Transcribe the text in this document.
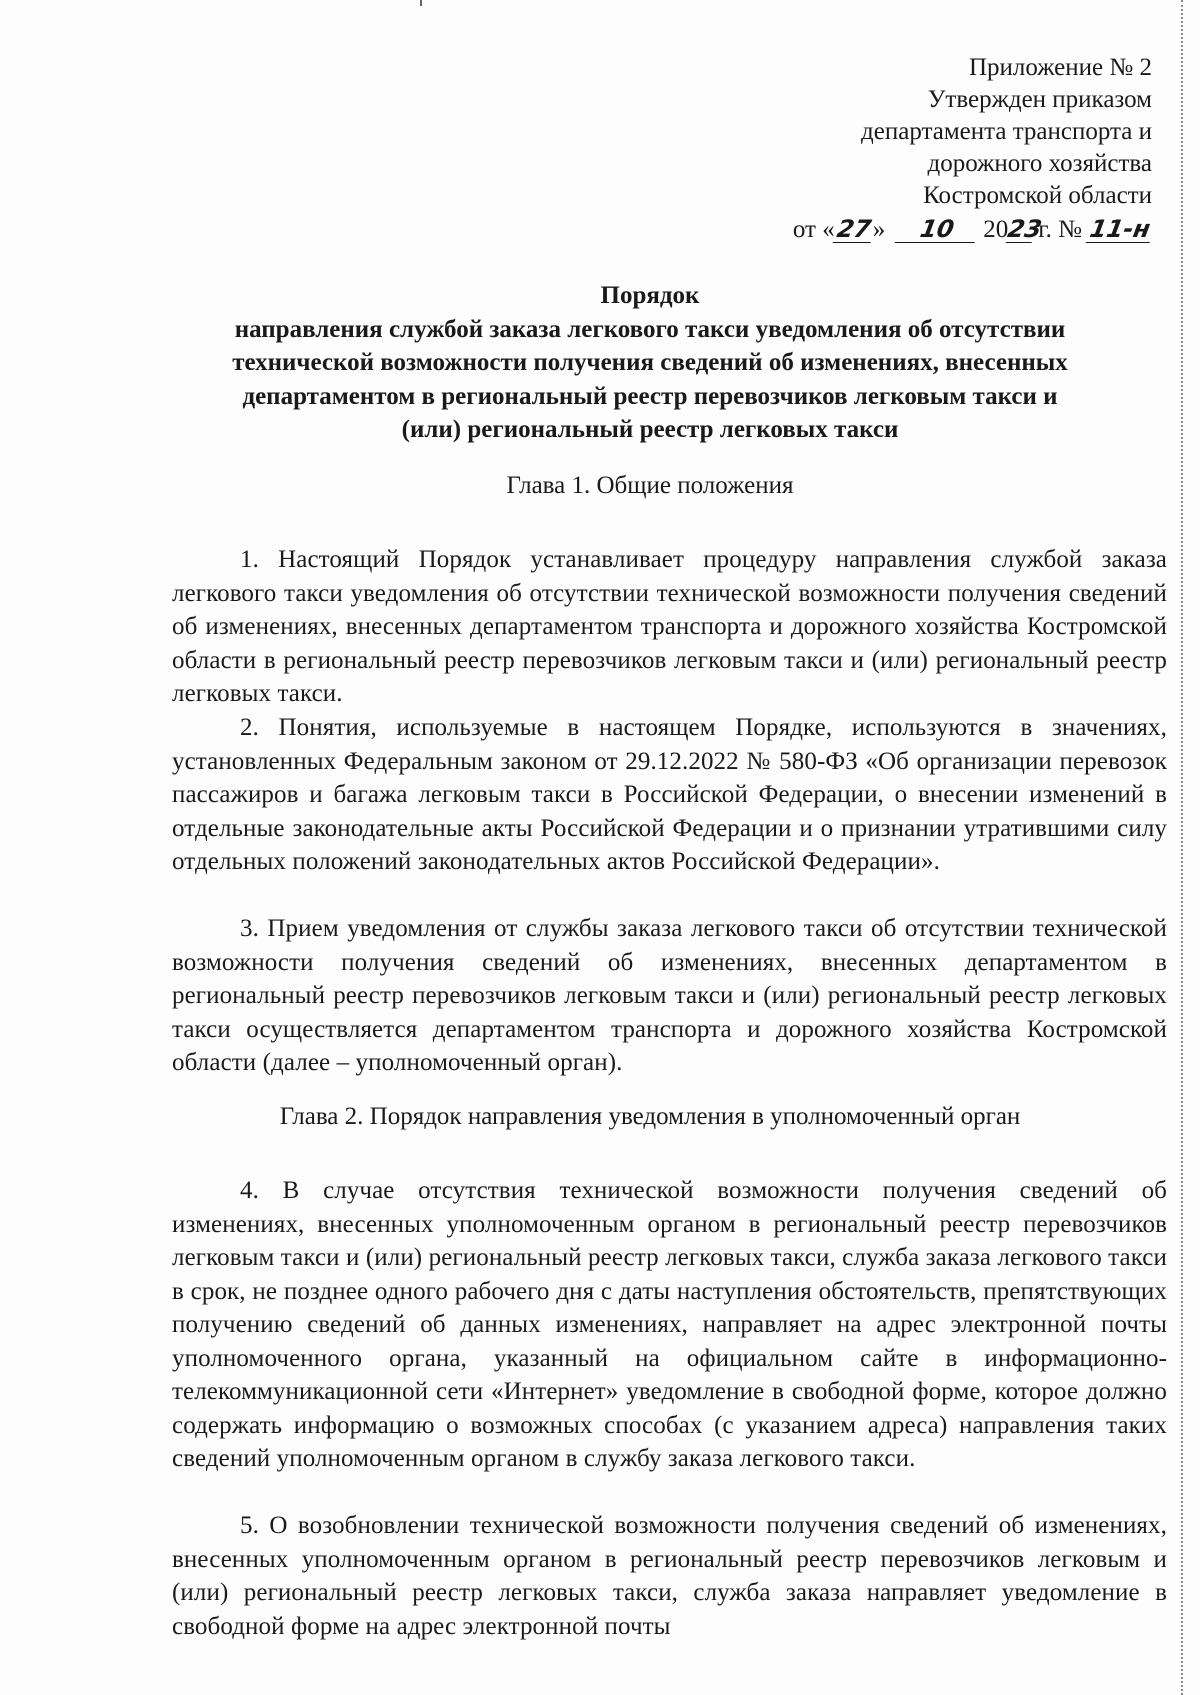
Приложение № 2
Утвержден приказом
департамента транспорта и
дорожного хозяйства
Костромской области
от « 27 »	10	20
23
г. № 11-н
Порядок
направления службой заказа легкового такси уведомления об отсутствии
технической возможности получения сведений об изменениях, внесенных
департаментом в региональный реестр перевозчиков легковым такси и
(или) региональный реестр легковых такси
Глава 1. Общие положения
1. Настоящий Порядок устанавливает процедуру направления службой заказа легкового такси уведомления об отсутствии технической возможности получения сведений об изменениях, внесенных департаментом транспорта и дорожного хозяйства Костромской области в региональный реестр перевозчиков легковым такси и (или) региональный реестр легковых такси.
2. Понятия, используемые в настоящем Порядке, используются в значениях, установленных Федеральным законом от 29.12.2022 № 580-ФЗ «Об организации перевозок пассажиров и багажа легковым такси в Российской Федерации, о внесении изменений в отдельные законодательные акты Российской Федерации и о признании утратившими силу отдельных положений законодательных актов Российской Федерации».
3. Прием уведомления от службы заказа легкового такси об отсутствии технической возможности получения сведений об изменениях, внесенных департаментом в региональный реестр перевозчиков легковым такси и (или) региональный реестр легковых такси осуществляется департаментом транспорта и дорожного хозяйства Костромской области (далее – уполномоченный орган).
Глава 2. Порядок направления уведомления в уполномоченный орган
4. В случае отсутствия технической возможности получения сведений об изменениях, внесенных уполномоченным органом в региональный реестр перевозчиков легковым такси и (или) региональный реестр легковых такси, служба заказа легкового такси в срок, не позднее одного рабочего дня с даты наступления обстоятельств, препятствующих получению сведений об данных изменениях, направляет на адрес электронной почты уполномоченного органа, указанный на официальном сайте в информационно-телекоммуникационной сети «Интернет» уведомление в свободной форме, которое должно содержать информацию о возможных способах (с указанием адреса) направления таких сведений уполномоченным органом в службу заказа легкового такси.
5. О возобновлении технической возможности получения сведений об изменениях, внесенных уполномоченным органом в региональный реестр перевозчиков легковым и (или) региональный реестр легковых такси, служба заказа направляет уведомление в свободной форме на адрес электронной почты
